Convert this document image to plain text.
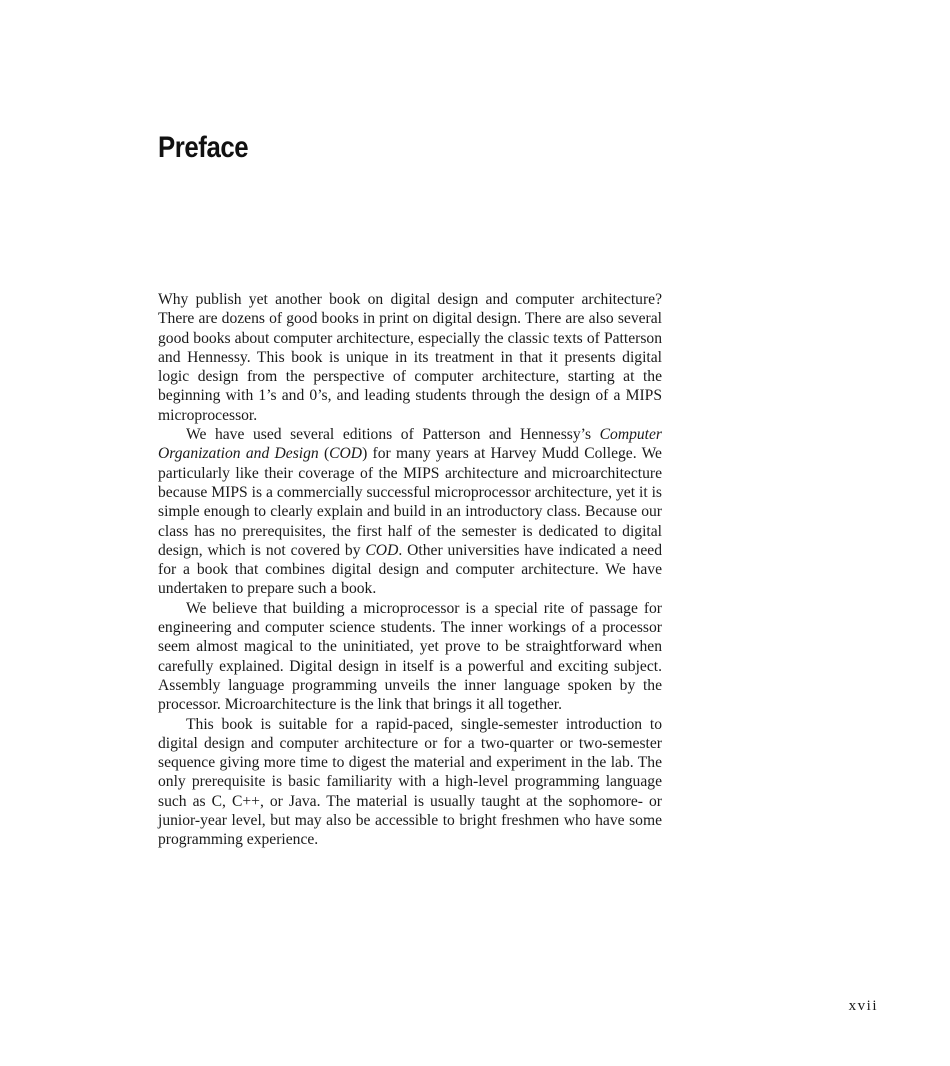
Preface

Why publish yet another book on digital design and computer architecture? There are dozens of good books in print on digital design. There are also several good books about computer architecture, especially the classic texts of Patterson and Hennessy. This book is unique in its treatment in that it presents digital logic design from the perspective of computer architecture, starting at the beginning with 1’s and 0’s, and leading students through the design of a MIPS microprocessor.

We have used several editions of Patterson and Hennessy’s Computer Organization and Design (COD) for many years at Harvey Mudd College. We particularly like their coverage of the MIPS architecture and microarchitecture because MIPS is a commercially successful microprocessor architecture, yet it is simple enough to clearly explain and build in an introductory class. Because our class has no prerequisites, the first half of the semester is dedicated to digital design, which is not covered by COD. Other universities have indicated a need for a book that combines digital design and computer architecture. We have undertaken to prepare such a book.

We believe that building a microprocessor is a special rite of passage for engineering and computer science students. The inner workings of a processor seem almost magical to the uninitiated, yet prove to be straightforward when carefully explained. Digital design in itself is a powerful and exciting subject. Assembly language programming unveils the inner language spoken by the processor. Microarchitecture is the link that brings it all together.

This book is suitable for a rapid-paced, single-semester introduction to digital design and computer architecture or for a two-quarter or two-semester sequence giving more time to digest the material and experiment in the lab. The only prerequisite is basic familiarity with a high-level programming language such as C, C++, or Java. The material is usually taught at the sophomore- or junior-year level, but may also be accessible to bright freshmen who have some programming experience.

xvii
